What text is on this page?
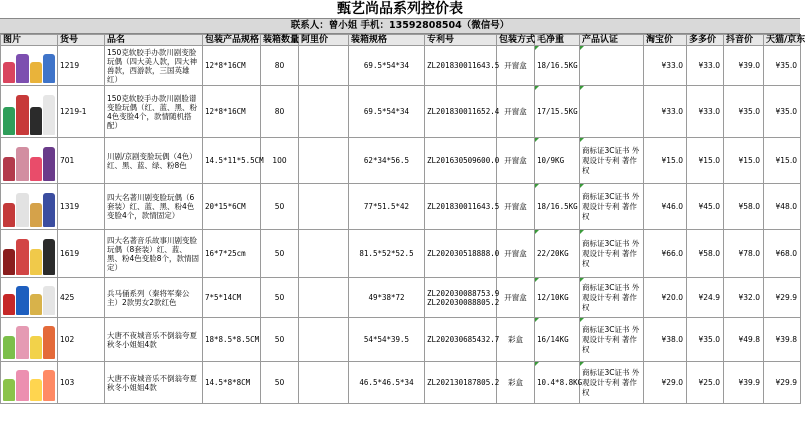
甄艺尚品系列控价表
联系人：曾小姐 手机：13592808504（微信号）
图片	货号	品名	包装产品规格	装箱数量	阿里价	装箱规格	专利号	包装方式	毛净重	产品认证	淘宝价	多多价	抖音价	天猫/京东

	1219	150克软胶手办款川剧变脸玩偶（四大美人款，四大神兽款，西游款，三国英雄红）	12*8*16CM	80		69.5*54*34	ZL201830011643.5	开窗盒	18/16.5KG		¥33.0	¥33.0	¥39.0	¥35.0

	1219-1	150克软胶手办款川剧脸谱变脸玩偶（红、蓝、黑、粉4色变脸4个，款情随机搭配）	12*8*16CM	80		69.5*54*34	ZL201830011652.4	开窗盒	17/15.5KG		¥33.0	¥33.0	¥35.0	¥35.0

	701	川剧/京剧变脸玩偶（4色）红、黑、蓝、绿、粉8色	14.5*11*5.5CM	100		62*34*56.5	ZL201630509600.0	开窗盒	10/9KG	商标证3C证书 外观设计专利 著作权	¥15.0	¥15.0	¥15.0	¥15.0

	1319	四大名著川剧变脸玩偶（6套装）红、蓝、黑、粉4色变脸4个，款情固定）	20*15*6CM	50		77*51.5*42	ZL201830011643.5	开窗盒	18/16.5KG	商标证3C证书 外观设计专利 著作权	¥46.0	¥45.0	¥58.0	¥48.0

	1619	四大名著音乐故事川剧变脸玩偶（8套装）红、蓝、黑、粉4色变脸8个，款情固定）	16*7*25cm	50		81.5*52*52.5	ZL202030518888.0	开窗盒	22/20KG	商标证3C证书 外观设计专利 著作权	¥66.0	¥58.0	¥78.0	¥68.0

	425	兵马俑系列（秦将军秦公主）2款男女2款红色	7*5*14CM	50		49*38*72	ZL202030088753.9
ZL202030088805.2	开窗盒	12/10KG	商标证3C证书 外观设计专利 著作权	¥20.0	¥24.9	¥32.0	¥29.9

	102	大唐不夜城音乐不倒翁夸夏秋冬小姐姐4款	18*8.5*8.5CM	50		54*54*39.5	ZL202030685432.7	彩盒	16/14KG	商标证3C证书 外观设计专利 著作权	¥38.0	¥35.0	¥49.8	¥39.8

	103	大唐不夜城音乐不倒翁夸夏秋冬小姐姐4款	14.5*8*8CM	50		46.5*46.5*34	ZL202130187805.2	彩盒	10.4*8.8KG	商标证3C证书 外观设计专利 著作权	¥29.0	¥25.0	¥39.9	¥29.9
